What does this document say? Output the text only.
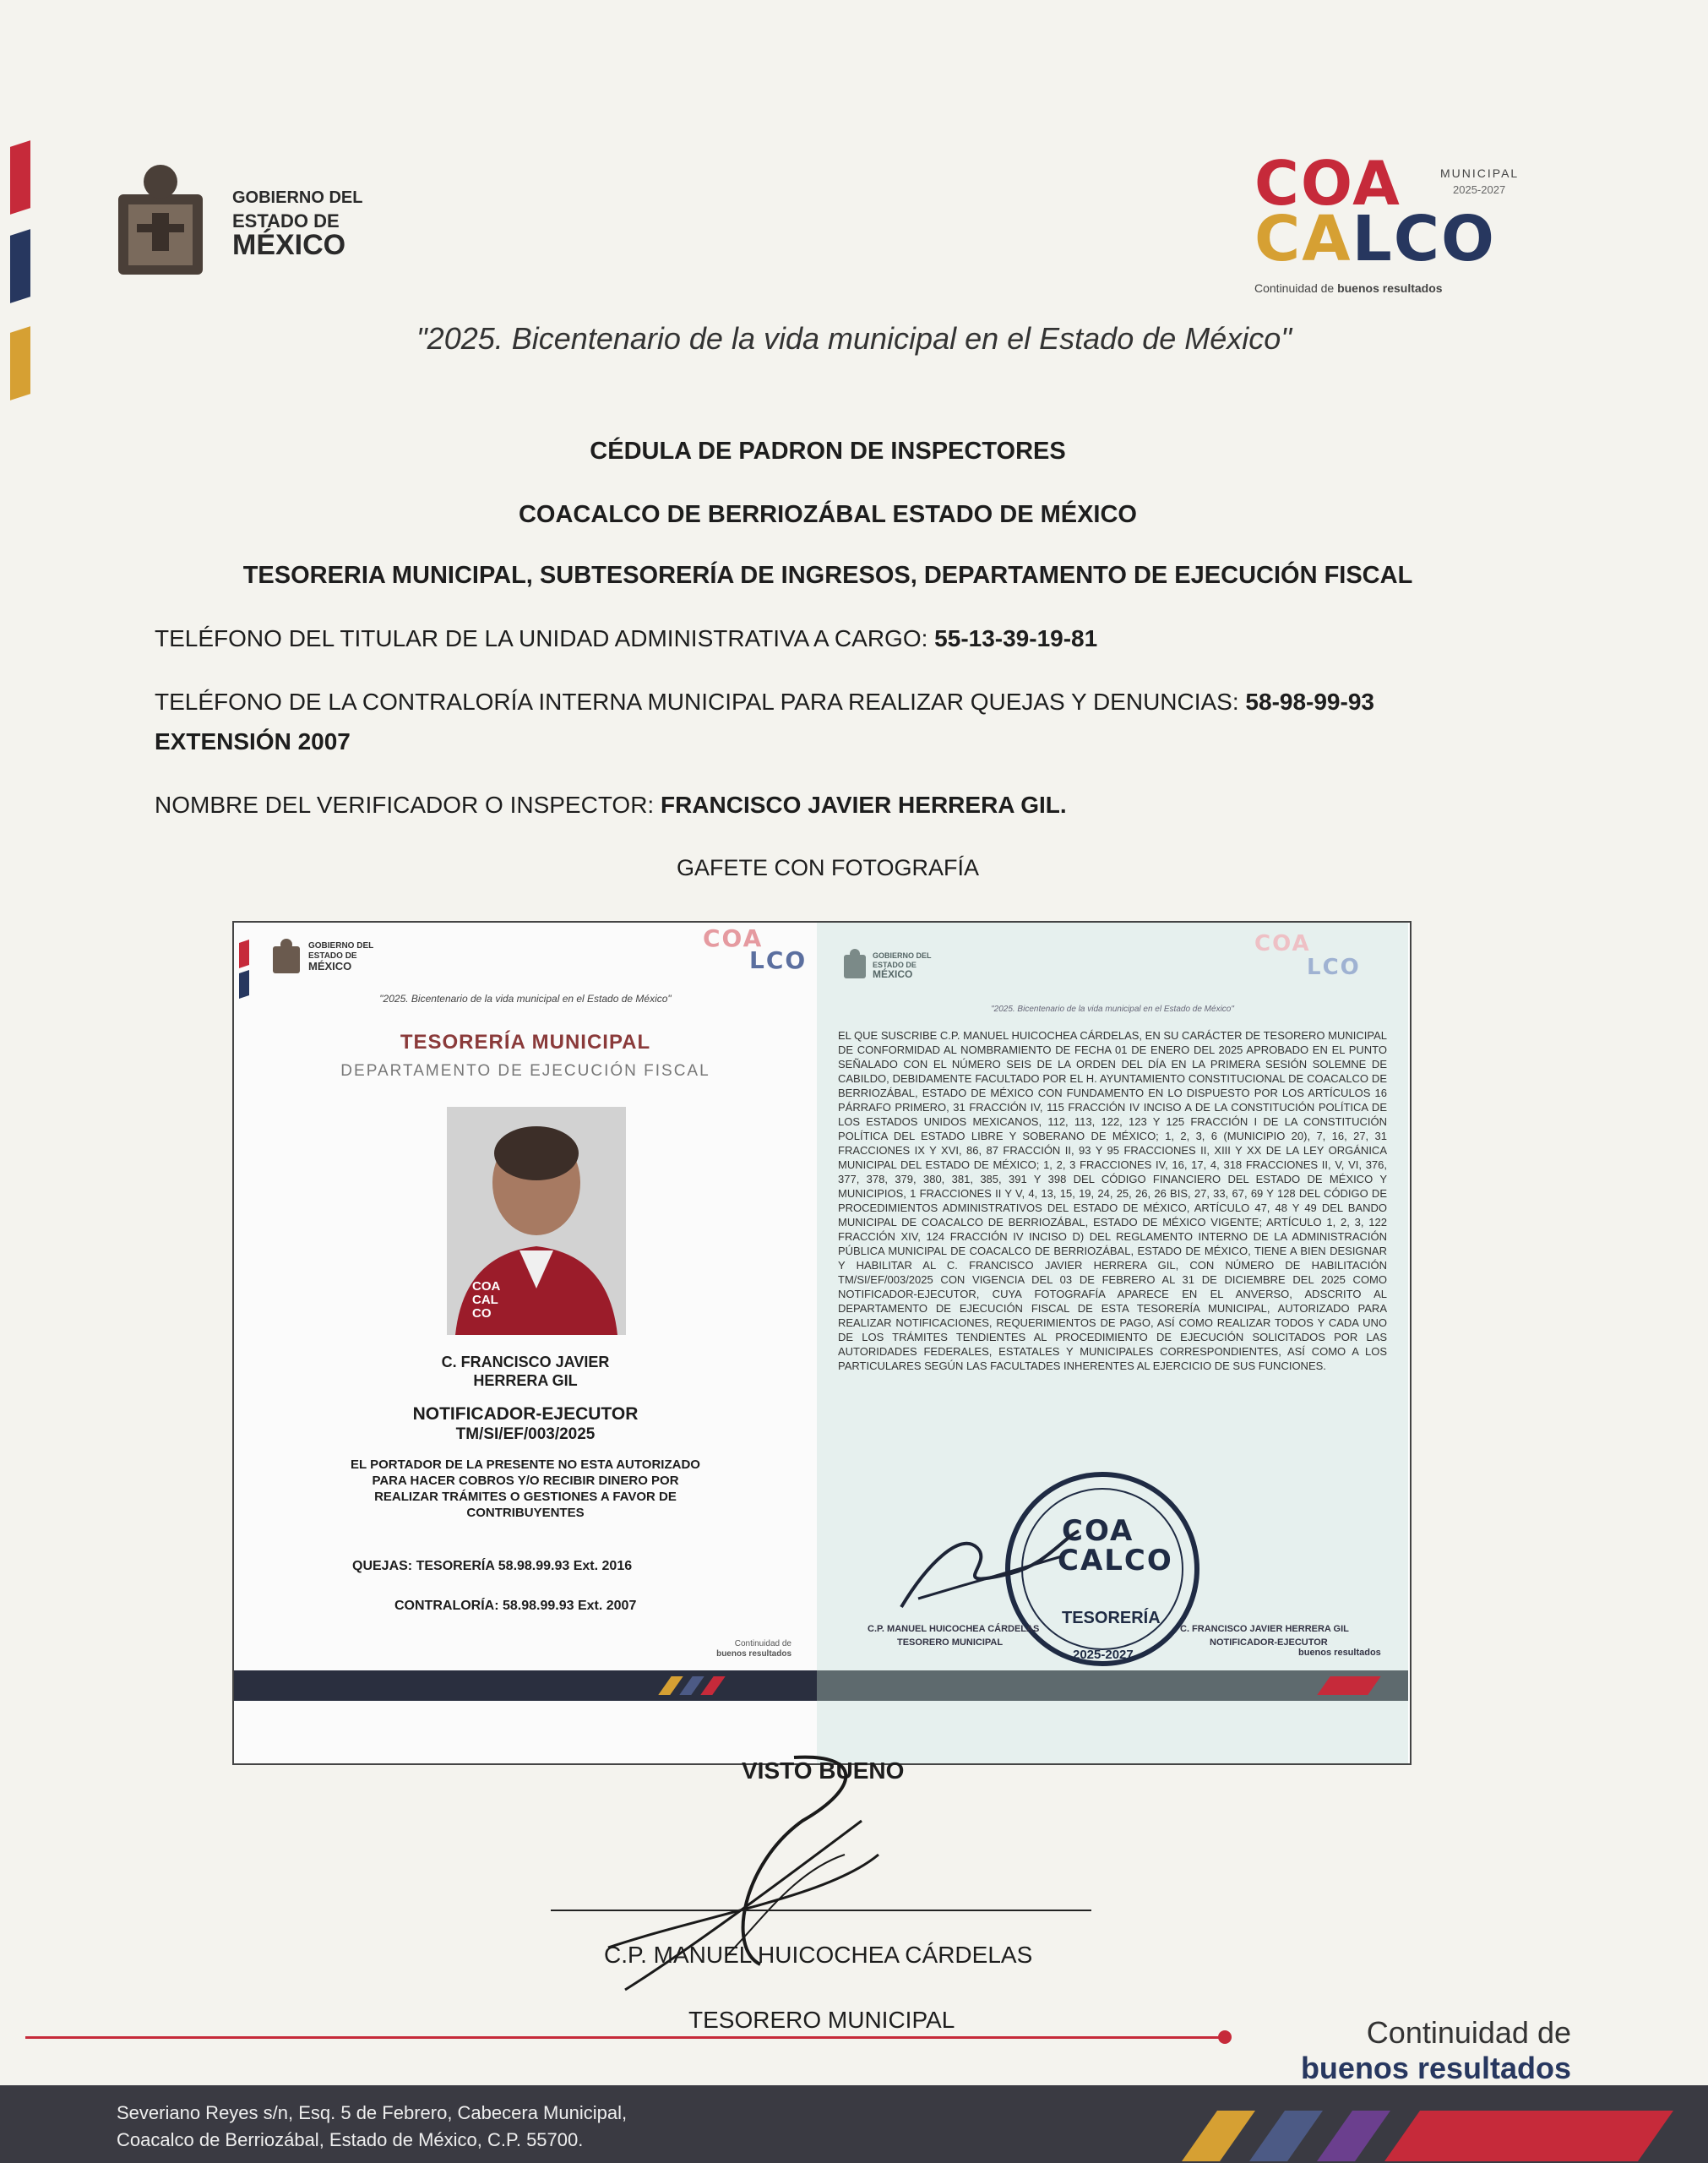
GOBIERNO DEL
ESTADO DE
MÉXICO
COA	MUNICIPAL
2025-2027
CALCO
Continuidad de buenos resultados
"2025. Bicentenario de la vida municipal en el Estado de México"
CÉDULA DE PADRON DE INSPECTORES
COACALCO DE BERRIOZÁBAL ESTADO DE MÉXICO
TESORERIA MUNICIPAL, SUBTESORERÍA DE INGRESOS, DEPARTAMENTO DE EJECUCIÓN FISCAL
TELÉFONO DEL TITULAR DE LA UNIDAD ADMINISTRATIVA A CARGO: 55-13-39-19-81
TELÉFONO DE LA CONTRALORÍA INTERNA MUNICIPAL PARA REALIZAR QUEJAS Y DENUNCIAS: 58-98-99-93
EXTENSIÓN 2007
NOMBRE DEL VERIFICADOR O INSPECTOR: FRANCISCO JAVIER HERRERA GIL.
GAFETE CON FOTOGRAFÍA
GOBIERNO DEL
ESTADO DE
MÉXICO
COA
LCO
"2025. Bicentenario de la vida municipal en el Estado de México"
TESORERÍA MUNICIPAL
DEPARTAMENTO DE EJECUCIÓN FISCAL
COA CAL CO
C. FRANCISCO JAVIER
HERRERA GIL
NOTIFICADOR-EJECUTOR
TM/SI/EF/003/2025
EL PORTADOR DE LA PRESENTE NO ESTA AUTORIZADO PARA HACER COBROS Y/O RECIBIR DINERO POR REALIZAR TRÁMITES O GESTIONES A FAVOR DE CONTRIBUYENTES
QUEJAS: TESORERÍA 58.98.99.93 Ext. 2016
CONTRALORÍA: 58.98.99.93 Ext. 2007
Continuidad de
buenos resultados
GOBIERNO DEL
ESTADO DE
MÉXICO
COA
LCO
"2025. Bicentenario de la vida municipal en el Estado de México"
EL QUE SUSCRIBE C.P. MANUEL HUICOCHEA CÁRDELAS, EN SU CARÁCTER DE TESORERO MUNICIPAL DE CONFORMIDAD AL NOMBRAMIENTO DE FECHA 01 DE ENERO DEL 2025 APROBADO EN EL PUNTO SEÑALADO CON EL NÚMERO SEIS DE LA ORDEN DEL DÍA EN LA PRIMERA SESIÓN SOLEMNE DE CABILDO, DEBIDAMENTE FACULTADO POR EL H. AYUNTAMIENTO CONSTITUCIONAL DE COACALCO DE BERRIOZÁBAL, ESTADO DE MÉXICO CON FUNDAMENTO EN LO DISPUESTO POR LOS ARTÍCULOS 16 PÁRRAFO PRIMERO, 31 FRACCIÓN IV, 115 FRACCIÓN IV INCISO A DE LA CONSTITUCIÓN POLÍTICA DE LOS ESTADOS UNIDOS MEXICANOS, 112, 113, 122, 123 Y 125 FRACCIÓN I DE LA CONSTITUCIÓN POLÍTICA DEL ESTADO LIBRE Y SOBERANO DE MÉXICO; 1, 2, 3, 6 (MUNICIPIO 20), 7, 16, 27, 31 FRACCIONES IX Y XVI, 86, 87 FRACCIÓN II, 93 Y 95 FRACCIONES II, XIII Y XX DE LA LEY ORGÁNICA MUNICIPAL DEL ESTADO DE MÉXICO; 1, 2, 3 FRACCIONES IV, 16, 17, 4, 318 FRACCIONES II, V, VI, 376, 377, 378, 379, 380, 381, 385, 391 Y 398 DEL CÓDIGO FINANCIERO DEL ESTADO DE MÉXICO Y MUNICIPIOS, 1 FRACCIONES II Y V, 4, 13, 15, 19, 24, 25, 26, 26 BIS, 27, 33, 67, 69 Y 128 DEL CÓDIGO DE PROCEDIMIENTOS ADMINISTRATIVOS DEL ESTADO DE MÉXICO, ARTÍCULO 47, 48 Y 49 DEL BANDO MUNICIPAL DE COACALCO DE BERRIOZÁBAL, ESTADO DE MÉXICO VIGENTE; ARTÍCULO 1, 2, 3, 122 FRACCIÓN XIV, 124 FRACCIÓN IV INCISO D) DEL REGLAMENTO INTERNO DE LA ADMINISTRACIÓN PÚBLICA MUNICIPAL DE COACALCO DE BERRIOZÁBAL, ESTADO DE MÉXICO, TIENE A BIEN DESIGNAR Y HABILITAR AL C. FRANCISCO JAVIER HERRERA GIL, CON NÚMERO DE HABILITACIÓN TM/SI/EF/003/2025 CON VIGENCIA DEL 03 DE FEBRERO AL 31 DE DICIEMBRE DEL 2025 COMO NOTIFICADOR-EJECUTOR, CUYA FOTOGRAFÍA APARECE EN EL ANVERSO, ADSCRITO AL DEPARTAMENTO DE EJECUCIÓN FISCAL DE ESTA TESORERÍA MUNICIPAL, AUTORIZADO PARA REALIZAR NOTIFICACIONES, REQUERIMIENTOS DE PAGO, ASÍ COMO REALIZAR TODOS Y CADA UNO DE LOS TRÁMITES TENDIENTES AL PROCEDIMIENTO DE EJECUCIÓN SOLICITADOS POR LAS AUTORIDADES FEDERALES, ESTATALES Y MUNICIPALES CORRESPONDIENTES, ASÍ COMO A LOS PARTICULARES SEGÚN LAS FACULTADES INHERENTES AL EJERCICIO DE SUS FUNCIONES.
COA
CALCO
TESORERÍA
2025-2027
C.P. MANUEL HUICOCHEA CÁRDELAS
TESORERO MUNICIPAL
C. FRANCISCO JAVIER HERRERA GIL
NOTIFICADOR-EJECUTOR
buenos resultados
VISTO BUENO
C.P. MANUEL HUICOCHEA CÁRDELAS
TESORERO MUNICIPAL	Continuidad de
buenos resultados
Severiano Reyes s/n, Esq. 5 de Febrero, Cabecera Municipal,
Coacalco de Berriozábal, Estado de México, C.P. 55700.
